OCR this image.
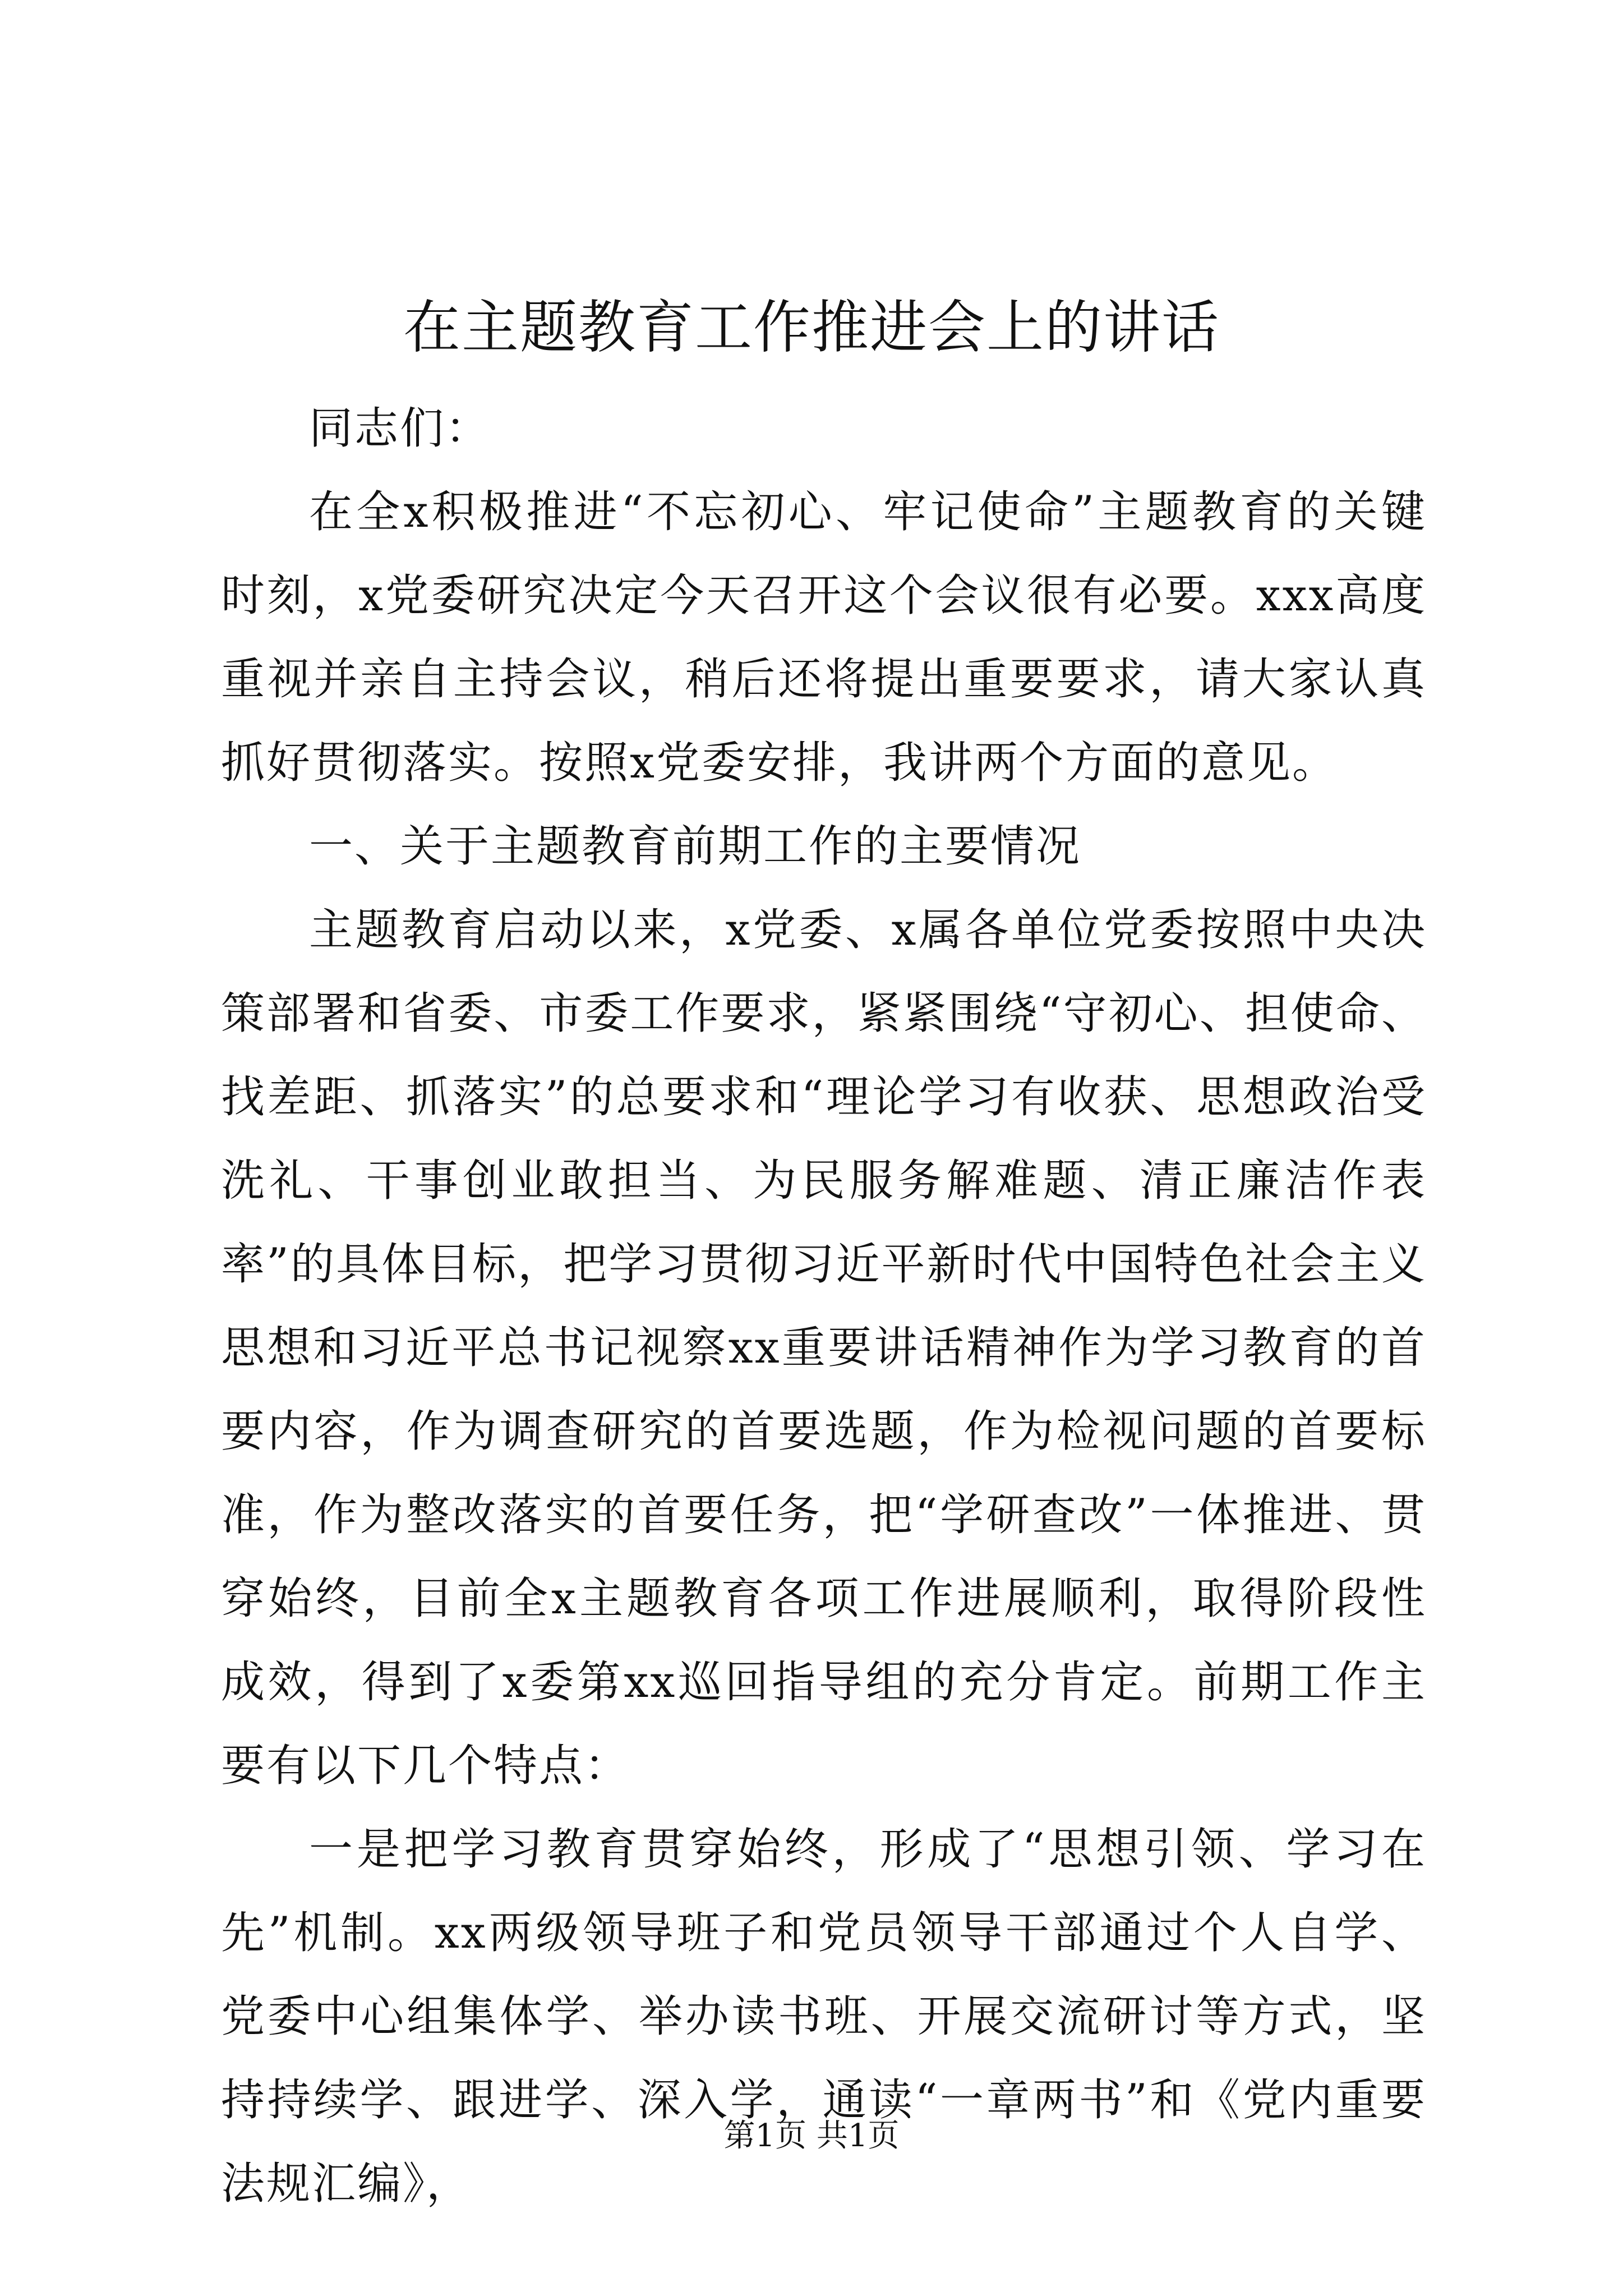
在主题教育工作推进会上的讲话

同志们：

在全x积极推进“不忘初心、牢记使命”主题教育的关键时刻，x党委研究决定今天召开这个会议很有必要。xxx高度重视并亲自主持会议，稍后还将提出重要要求，请大家认真抓好贯彻落实。按照x党委安排，我讲两个方面的意见。

一、关于主题教育前期工作的主要情况

主题教育启动以来，x党委、x属各单位党委按照中央决策部署和省委、市委工作要求，紧紧围绕“守初心、担使命、找差距、抓落实”的总要求和“理论学习有收获、思想政治受洗礼、干事创业敢担当、为民服务解难题、清正廉洁作表率”的具体目标，把学习贯彻习近平新时代中国特色社会主义思想和习近平总书记视察xx重要讲话精神作为学习教育的首要内容，作为调查研究的首要选题，作为检视问题的首要标准，作为整改落实的首要任务，把“学研查改”一体推进、贯穿始终，目前全x主题教育各项工作进展顺利，取得阶段性成效，得到了x委第xx巡回指导组的充分肯定。前期工作主要有以下几个特点：

一是把学习教育贯穿始终，形成了“思想引领、学习在先”机制。xx两级领导班子和党员领导干部通过个人自学、党委中心组集体学、举办读书班、开展交流研讨等方式，坚持持续学、跟进学、深入学，通读“一章两书”和《党内重要法规汇编》，

第1页 共1页
